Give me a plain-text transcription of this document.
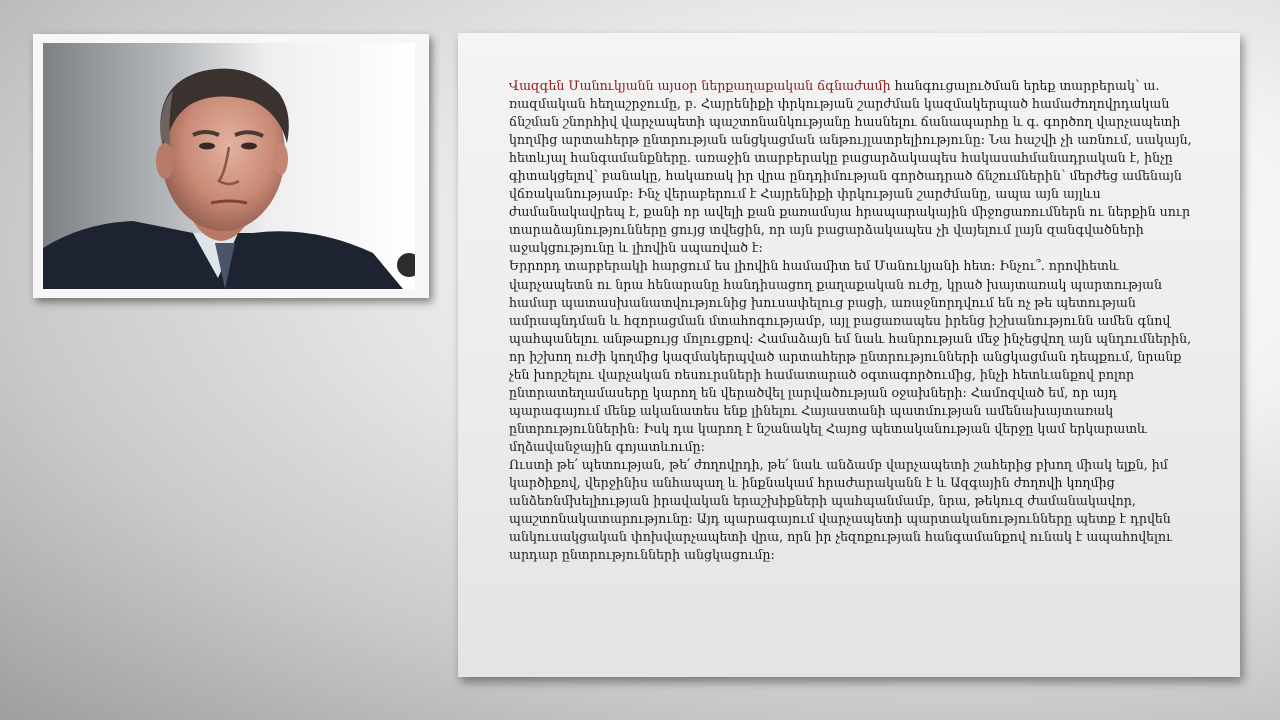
Վազգեն Մանուկյանն այսօր ներքաղաքական ճգնաժամի հանգուցալուծման երեք տարբերակ՝ ա. ռազմական հեղաշրջումը, բ. Հայրենիքի փրկության շարժման կազմակերպած համաժողովրդական ճնշման շնորհիվ վարչապետի պաշտոնանկությանը հասնելու ճանապարհը և գ. գործող վարչապետի կողմից արտահերթ ընտրության անցկացման անթույլատրելիությունը: Նա հաշվի չի առնում, սակայն, հետևյալ հանգամանքները. առաջին տարբերակը բացարձակապես հակասահմանադրական է, ինչը գիտակցելով՝ բանակը, հակառակ իր վրա ընդդիմության գործադրած ճնշումներին՝ մերժեց ամենայն վճռականությամբ: Ինչ վերաբերում է Հայրենիքի փրկության շարժմանը, ապա այն այլևս ժամանակավրեպ է, քանի որ ավելի քան քառամսյա հրապարակային միջոցառումներն ու ներքին սուր տարաձայնությունները ցույց տվեցին, որ այն բացարձակապես չի վայելում լայն զանգվածների աջակցությունը և լիովին սպառված է:

Երրորդ տարբերակի հարցում ես լիովին համամիտ եմ Մանուկյանի հետ: Ինչու՞. որովհետև վարչապետն ու նրա հենարանը հանդիսացող քաղաքական ուժը, կրած խայտառակ պարտության համար պատասխանատվությունից խուսափելուց բացի, առաջնորդվում են ոչ թե պետության ամրապնդման և հզորացման մտահոգությամբ, այլ բացառապես իրենց իշխանությունն ամեն գնով պահպանելու անթաքույց մոլուցքով: Համաձայն եմ նաև հանրության մեջ ինչեցվող այն պնդումներին, որ իշխող ուժի կողմից կազմակերպված արտահերթ ընտրությունների անցկացման դեպքում, նրանք չեն խորշելու վարչական ռեսուրսների համատարած օգտագործումից, ինչի հետևանքով բոլոր ընտրատեղամասերը կարող են վերածվել լարվածության օջախների: Համոզված եմ, որ այդ պարագայում մենք ականատես ենք լինելու Հայաստանի պատմության ամենախայտառակ ընտրություններին: Իսկ դա կարող է նշանակել Հայոց պետականության վերջը կամ երկարատև մղձավանջային գոյատևումը:

Ուստի թե՛ պետության, թե՛ ժողովրդի, թե՛ նաև անձամբ վարչապետի շահերից բխող միակ ելքն, իմ կարծիքով, վերջինիս անհապաղ և ինքնակամ հրաժարականն է և Ազգային ժողովի կողմից անձեռնմխելիության իրավական երաշխիքների պահպանմամբ, նրա, թեկուզ ժամանակավոր, պաշտոնակատարությունը: Այդ պարագայում վարչապետի պարտականությունները պետք է դրվեն անկուսակցական փոխվարչապետի վրա, որն իր չեզոքության հանգամանքով ունակ է ապահովելու արդար ընտրությունների անցկացումը:
